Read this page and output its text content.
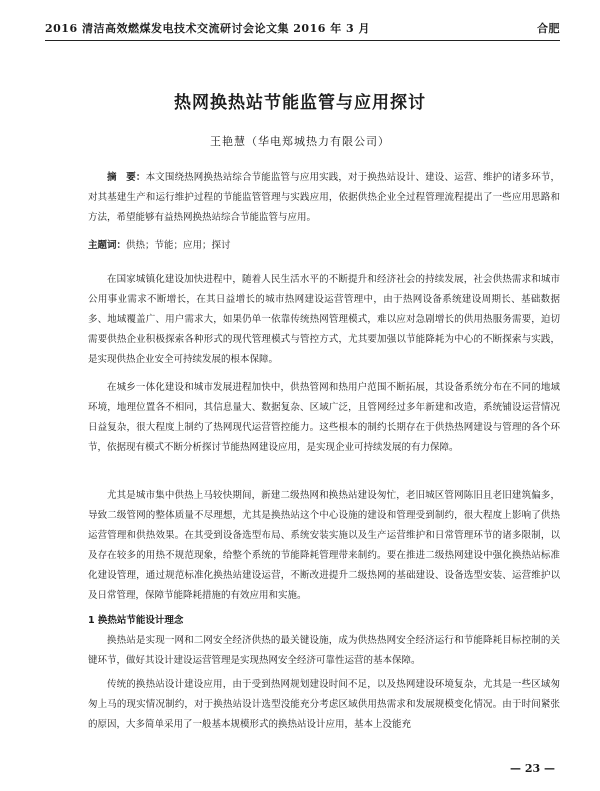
2016 清洁高效燃煤发电技术交流研讨会论文集 2016 年 3 月	合肥
热网换热站节能监管与应用探讨
王艳慧（华电郑城热力有限公司）
摘　要：本文围绕热网换热站综合节能监管与应用实践，对于换热站设计、建设、运营、维护的诸多环节，对其基建生产和运行维护过程的节能监管管理与实践应用，依据供热企业全过程管理流程提出了一些应用思路和方法，希望能够有益热网换热站综合节能监管与应用。
主题词：供热；节能；应用；探讨

在国家城镇化建设加快进程中，随着人民生活水平的不断提升和经济社会的持续发展，社会供热需求和城市公用事业需求不断增长，在其日益增长的城市热网建设运营管理中，由于热网设备系统建设周期长、基础数据多、地域覆盖广、用户需求大，如果仍单一依靠传统热网管理模式，难以应对急剧增长的供用热服务需要，迫切需要供热企业积极探索各种形式的现代管理模式与管控方式，尤其要加强以节能降耗为中心的不断探索与实践，是实现供热企业安全可持续发展的根本保障。

在城乡一体化建设和城市发展进程加快中，供热管网和热用户范围不断拓展，其设备系统分布在不同的地域环境，地理位置各不相同，其信息量大、数据复杂、区域广泛，且管网经过多年新建和改造，系统铺设运营情况日益复杂，很大程度上制约了热网现代运营管控能力。这些根本的制约长期存在于供热热网建设与管理的各个环节，依据现有模式不断分析探讨节能热网建设应用，是实现企业可持续发展的有力保障。

尤其是城市集中供热上马较快期间，新建二级热网和换热站建设匆忙，老旧城区管网陈旧且老旧建筑偏多，导致二级管网的整体质量不尽理想，尤其是换热站这个中心设施的建设和管理受到制约，很大程度上影响了供热运营管理和供热效果。在其受到设备选型布局、系统安装实施以及生产运营维护和日常管理环节的诸多限制，以及存在较多的用热不规范现象，给整个系统的节能降耗管理带来制约。要在推进二级热网建设中强化换热站标准化建设管理，通过规范标准化换热站建设运营，不断改进提升二级热网的基础建设、设备选型安装、运营维护以及日常管理，保障节能降耗措施的有效应用和实施。

1 换热站节能设计理念

换热站是实现一网和二网安全经济供热的最关键设施，成为供热热网安全经济运行和节能降耗目标控制的关键环节，做好其设计建设运营管理是实现热网安全经济可靠性运营的基本保障。

传统的换热站设计建设应用，由于受到热网规划建设时间不足，以及热网建设环境复杂，尤其是一些区域匆匆上马的现实情况制约，对于换热站设计选型没能充分考虑区域供用热需求和发展规模变化情况。由于时间紧张的原因，大多简单采用了一般基本规模形式的换热站设计应用，基本上没能充

— 23 —
